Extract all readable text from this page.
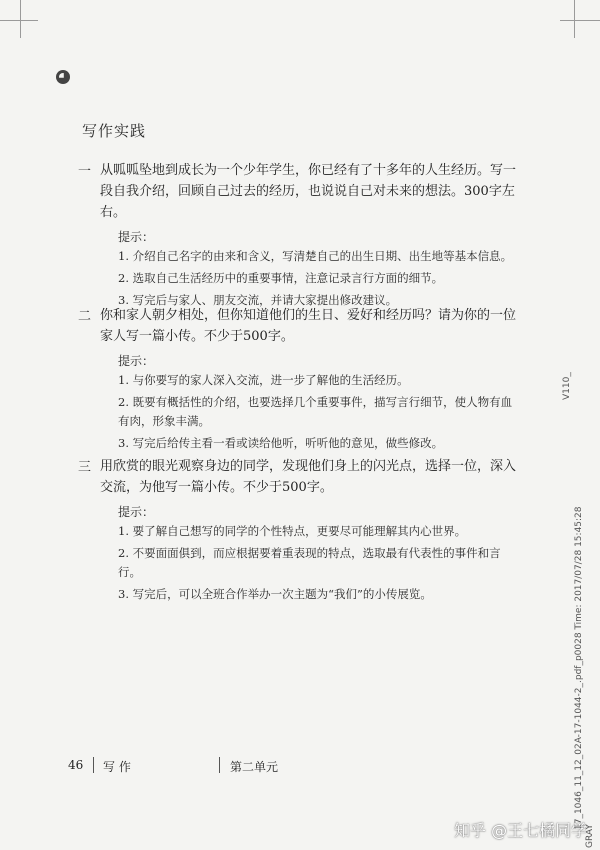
写作实践
一 从呱呱坠地到成长为一个少年学生，你已经有了十多年的人生经历。写一段自我介绍，回顾自己过去的经历，也说说自己对未来的想法。300字左右。
提示：
1. 介绍自己名字的由来和含义，写清楚自己的出生日期、出生地等基本信息。
2. 选取自己生活经历中的重要事情，注意记录言行方面的细节。
3. 写完后与家人、朋友交流，并请大家提出修改建议。
二 你和家人朝夕相处，但你知道他们的生日、爱好和经历吗？请为你的一位家人写一篇小传。不少于500字。
提示：
1. 与你要写的家人深入交流，进一步了解他的生活经历。
2. 既要有概括性的介绍，也要选择几个重要事件，描写言行细节，使人物有血有肉，形象丰满。
3. 写完后给传主看一看或读给他听，听听他的意见，做些修改。
三 用欣赏的眼光观察身边的同学，发现他们身上的闪光点，选择一位，深入交流，为他写一篇小传。不少于500字。
提示：
1. 要了解自己想写的同学的个性特点，更要尽可能理解其内心世界。
2. 不要面面俱到，而应根据要着重表现的特点，选取最有代表性的事件和言行。
3. 写完后，可以全班合作举办一次主题为“我们”的小传展览。
46 写 作	第二单元
V110_
17_1046_11_12_02A-17-1044-2_.pdf_p0028 Time: 2017/07/28 15:45:28
GRAY
知乎 @王七橘同学
